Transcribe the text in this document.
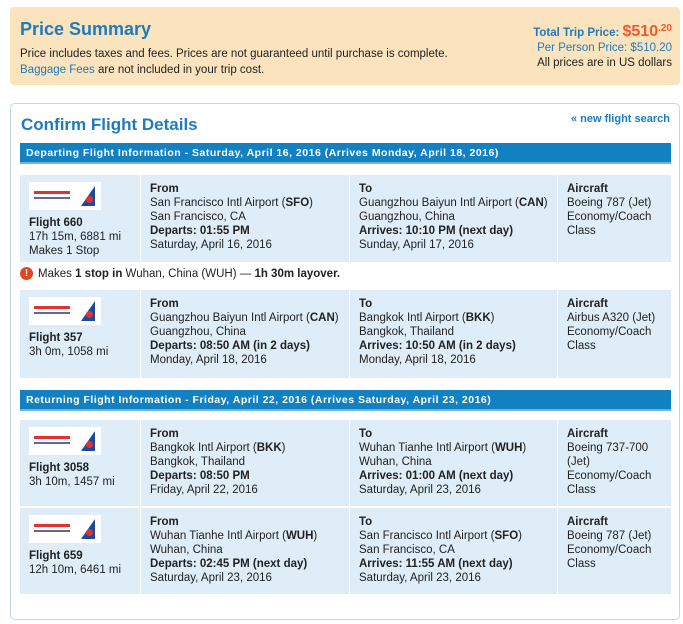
Price Summary

Price includes taxes and fees. Prices are not guaranteed until purchase is complete.

Baggage Fees are not included in your trip cost.

Total Trip Price: $\$510^{.20}$
Per Person Price: $510.20
All prices are in US dollars
Confirm Flight Details	« new flight search
Departing Flight Information - Saturday, April 16, 2016 (Arrives Monday, April 18, 2016)
Returning Flight Information - Friday, April 22, 2016 (Arrives Saturday, April 23, 2016)
! Makes 1 stop in Wuhan, China (WUH) — 1h 30m layover.
Flight 660
17h 15m, 6881 mi
Makes 1 Stop
From
San Francisco Intl Airport (SFO)
San Francisco, CA
Departs: 01:55 PM
Saturday, April 16, 2016
To
Guangzhou Baiyun Intl Airport (CAN)
Guangzhou, China
Arrives: 10:10 PM (next day)
Sunday, April 17, 2016
Aircraft
Boeing 787 (Jet)
Economy/Coach Class
Flight 357
3h 0m, 1058 mi
From
Guangzhou Baiyun Intl Airport (CAN)
Guangzhou, China
Departs: 08:50 AM (in 2 days)
Monday, April 18, 2016
To
Bangkok Intl Airport (BKK)
Bangkok, Thailand
Arrives: 10:50 AM (in 2 days)
Monday, April 18, 2016
Aircraft
Airbus A320 (Jet)
Economy/Coach Class
Flight 3058
3h 10m, 1457 mi
From
Bangkok Intl Airport (BKK)
Bangkok, Thailand
Departs: 08:50 PM
Friday, April 22, 2016
To
Wuhan Tianhe Intl Airport (WUH)
Wuhan, China
Arrives: 01:00 AM (next day)
Saturday, April 23, 2016
Aircraft
Boeing 737-700 (Jet)
Economy/Coach Class
Flight 659
12h 10m, 6461 mi
From
Wuhan Tianhe Intl Airport (WUH)
Wuhan, China
Departs: 02:45 PM (next day)
Saturday, April 23, 2016
To
San Francisco Intl Airport (SFO)
San Francisco, CA
Arrives: 11:55 AM (next day)
Saturday, April 23, 2016
Aircraft
Boeing 787 (Jet)
Economy/Coach Class
